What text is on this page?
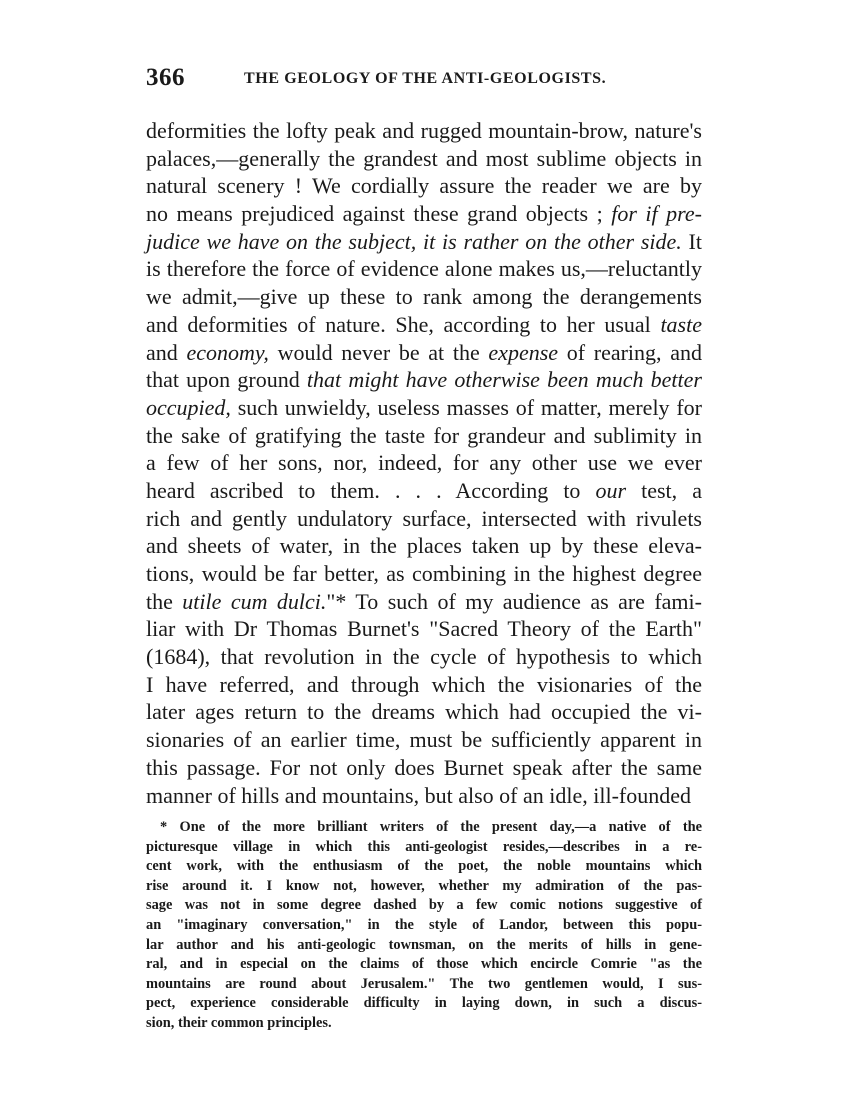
366	THE GEOLOGY OF THE ANTI-GEOLOGISTS.
deformities the lofty peak and rugged mountain-brow, nature's
palaces,—generally the grandest and most sublime objects in
natural scenery ! We cordially assure the reader we are by
no means prejudiced against these grand objects ; for if pre-
judice we have on the subject, it is rather on the other side. It
is therefore the force of evidence alone makes us,—reluctantly
we admit,—give up these to rank among the derangements
and deformities of nature. She, according to her usual taste
and economy, would never be at the expense of rearing, and
that upon ground that might have otherwise been much better
occupied, such unwieldy, useless masses of matter, merely for
the sake of gratifying the taste for grandeur and sublimity in
a few of her sons, nor, indeed, for any other use we ever
heard ascribed to them. . . . According to our test, a
rich and gently undulatory surface, intersected with rivulets
and sheets of water, in the places taken up by these eleva-
tions, would be far better, as combining in the highest degree
the utile cum dulci."* To such of my audience as are fami-
liar with Dr Thomas Burnet's "Sacred Theory of the Earth"
(1684), that revolution in the cycle of hypothesis to which
I have referred, and through which the visionaries of the
later ages return to the dreams which had occupied the vi-
sionaries of an earlier time, must be sufficiently apparent in
this passage. For not only does Burnet speak after the same
manner of hills and mountains, but also of an idle, ill-founded
* One of the more brilliant writers of the present day,—a native of the
picturesque village in which this anti-geologist resides,—describes in a re-
cent work, with the enthusiasm of the poet, the noble mountains which
rise around it. I know not, however, whether my admiration of the pas-
sage was not in some degree dashed by a few comic notions suggestive of
an "imaginary conversation," in the style of Landor, between this popu-
lar author and his anti-geologic townsman, on the merits of hills in gene-
ral, and in especial on the claims of those which encircle Comrie "as the
mountains are round about Jerusalem." The two gentlemen would, I sus-
pect, experience considerable difficulty in laying down, in such a discus-
sion, their common principles.
